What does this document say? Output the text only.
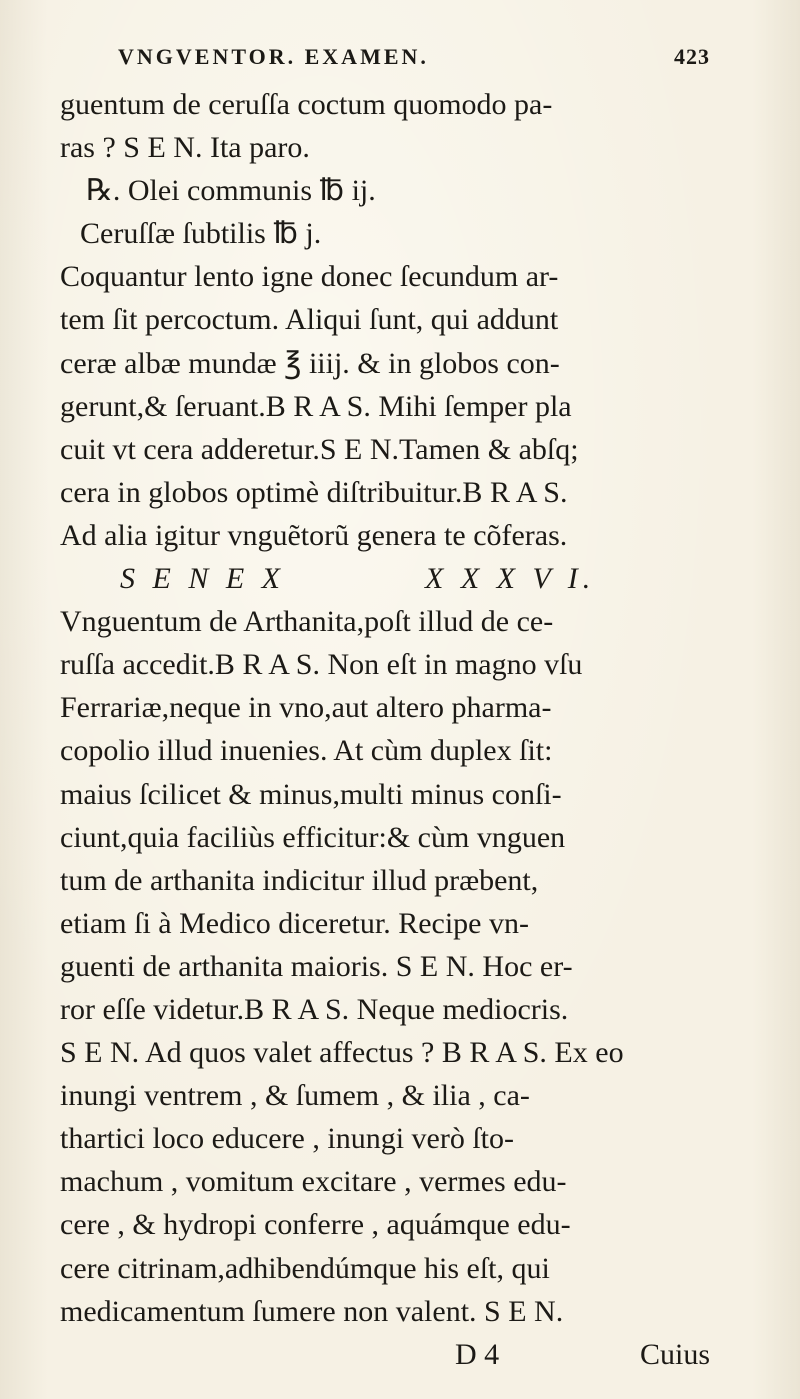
VNGVENTOR. EXAMEN.	423
guentum de ceruſſa coctum quomodo pa-
ras ? S E N. Ita paro.
℞. Olei communis ℔ ij.
Ceruſſæ ſubtilis ℔ j.
Coquantur lento igne donec ſecundum ar-
tem ſit percoctum. Aliqui ſunt, qui addunt
ceræ albæ mundæ ℥ iiij. & in globos con-
gerunt,& ſeruant.B R A S. Mihi ſemper pla
cuit vt cera adderetur.S E N.Tamen & abſq;
cera in globos optimè diſtribuitur.B R A S.
Ad alia igitur vnguẽtorũ genera te cõferas.
S E N E X	X X X V I.
Vnguentum de Arthanita,poſt illud de ce-
ruſſa accedit.B R A S. Non eſt in magno vſu
Ferrariæ,neque in vno,aut altero pharma-
copolio illud inuenies. At cùm duplex ſit:
maius ſcilicet & minus,multi minus conſi-
ciunt,quia faciliùs efficitur:& cùm vnguen
tum de arthanita indicitur illud præbent,
etiam ſi à Medico diceretur. Recipe vn-
guenti de arthanita maioris. S E N. Hoc er-
ror eſſe videtur.B R A S. Neque mediocris.
S E N. Ad quos valet affectus ? B R A S. Ex eo
inungi ventrem , & ſumem , & ilia , ca-
thartici loco educere , inungi verò ſto-
machum , vomitum excitare , vermes edu-
cere , & hydropi conferre , aquámque edu-
cere citrinam,adhibendúmque his eſt, qui
medicamentum ſumere non valent. S E N.
D 4	Cuius
